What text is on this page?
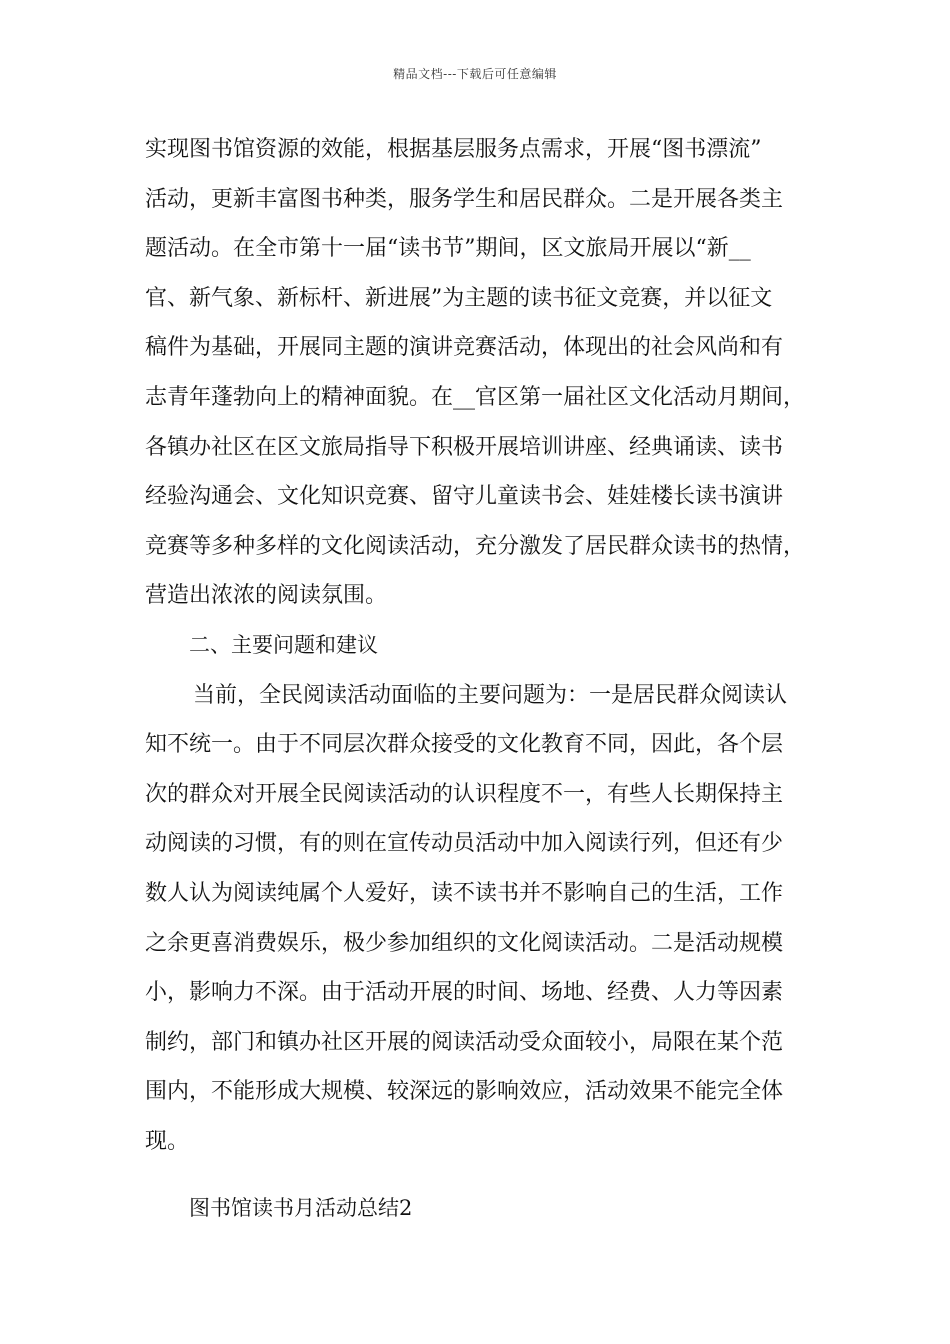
精品文档---下载后可任意编辑
实现图书馆资源的效能，根据基层服务点需求，开展“图书漂流”
活动，更新丰富图书种类，服务学生和居民群众。二是开展各类主
题活动。在全市第十一届“读书节”期间，区文旅局开展以“新__
官、新气象、新标杆、新进展”为主题的读书征文竞赛，并以征文
稿件为基础，开展同主题的演讲竞赛活动，体现出的社会风尚和有
志青年蓬勃向上的精神面貌。在__官区第一届社区文化活动月期间，
各镇办社区在区文旅局指导下积极开展培训讲座、经典诵读、读书
经验沟通会、文化知识竞赛、留守儿童读书会、娃娃楼长读书演讲
竞赛等多种多样的文化阅读活动，充分激发了居民群众读书的热情，
营造出浓浓的阅读氛围。
二、主要问题和建议
当前，全民阅读活动面临的主要问题为：一是居民群众阅读认
知不统一。由于不同层次群众接受的文化教育不同，因此，各个层
次的群众对开展全民阅读活动的认识程度不一，有些人长期保持主
动阅读的习惯，有的则在宣传动员活动中加入阅读行列，但还有少
数人认为阅读纯属个人爱好，读不读书并不影响自己的生活，工作
之余更喜消费娱乐，极少参加组织的文化阅读活动。二是活动规模
小，影响力不深。由于活动开展的时间、场地、经费、人力等因素
制约，部门和镇办社区开展的阅读活动受众面较小，局限在某个范
围内，不能形成大规模、较深远的影响效应，活动效果不能完全体
现。
图书馆读书月活动总结2
